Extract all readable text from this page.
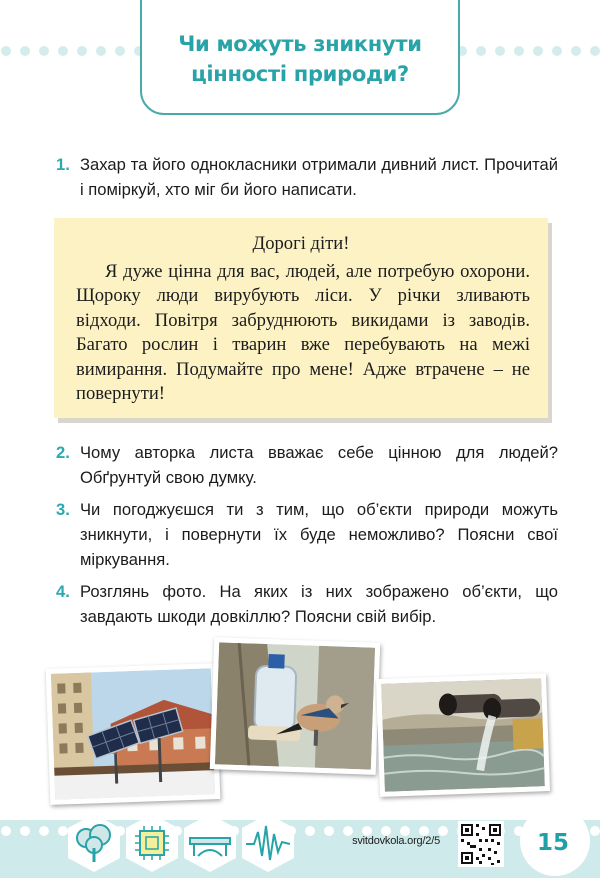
Чи можуть зникнути
цінності природи?
1. Захар та його однокласники отримали дивний лист. Прочитай і поміркуй, хто міг би його написати.
Дорогі діти!
Я дуже цінна для вас, людей, але потребую охорони. Щороку люди вирубують ліси. У річки зливають відходи. Повітря забруднюють викидами із заводів. Багато рослин і тварин вже перебувають на межі вимирання. Подумайте про мене! Адже втрачене – не повернути!
2. Чому авторка листа вважає себе цінною для людей? Обґрунтуй свою думку.
3. Чи погоджуєшся ти з тим, що об’єкти природи можуть зникнути, і повернути їх буде неможливо? Поясни свої міркування.
4. Розглянь фото. На яких із них зображено об’єкти, що завдають шкоди довкіллю? Поясни свій вибір.
svitdovkola.org/2/5	15
